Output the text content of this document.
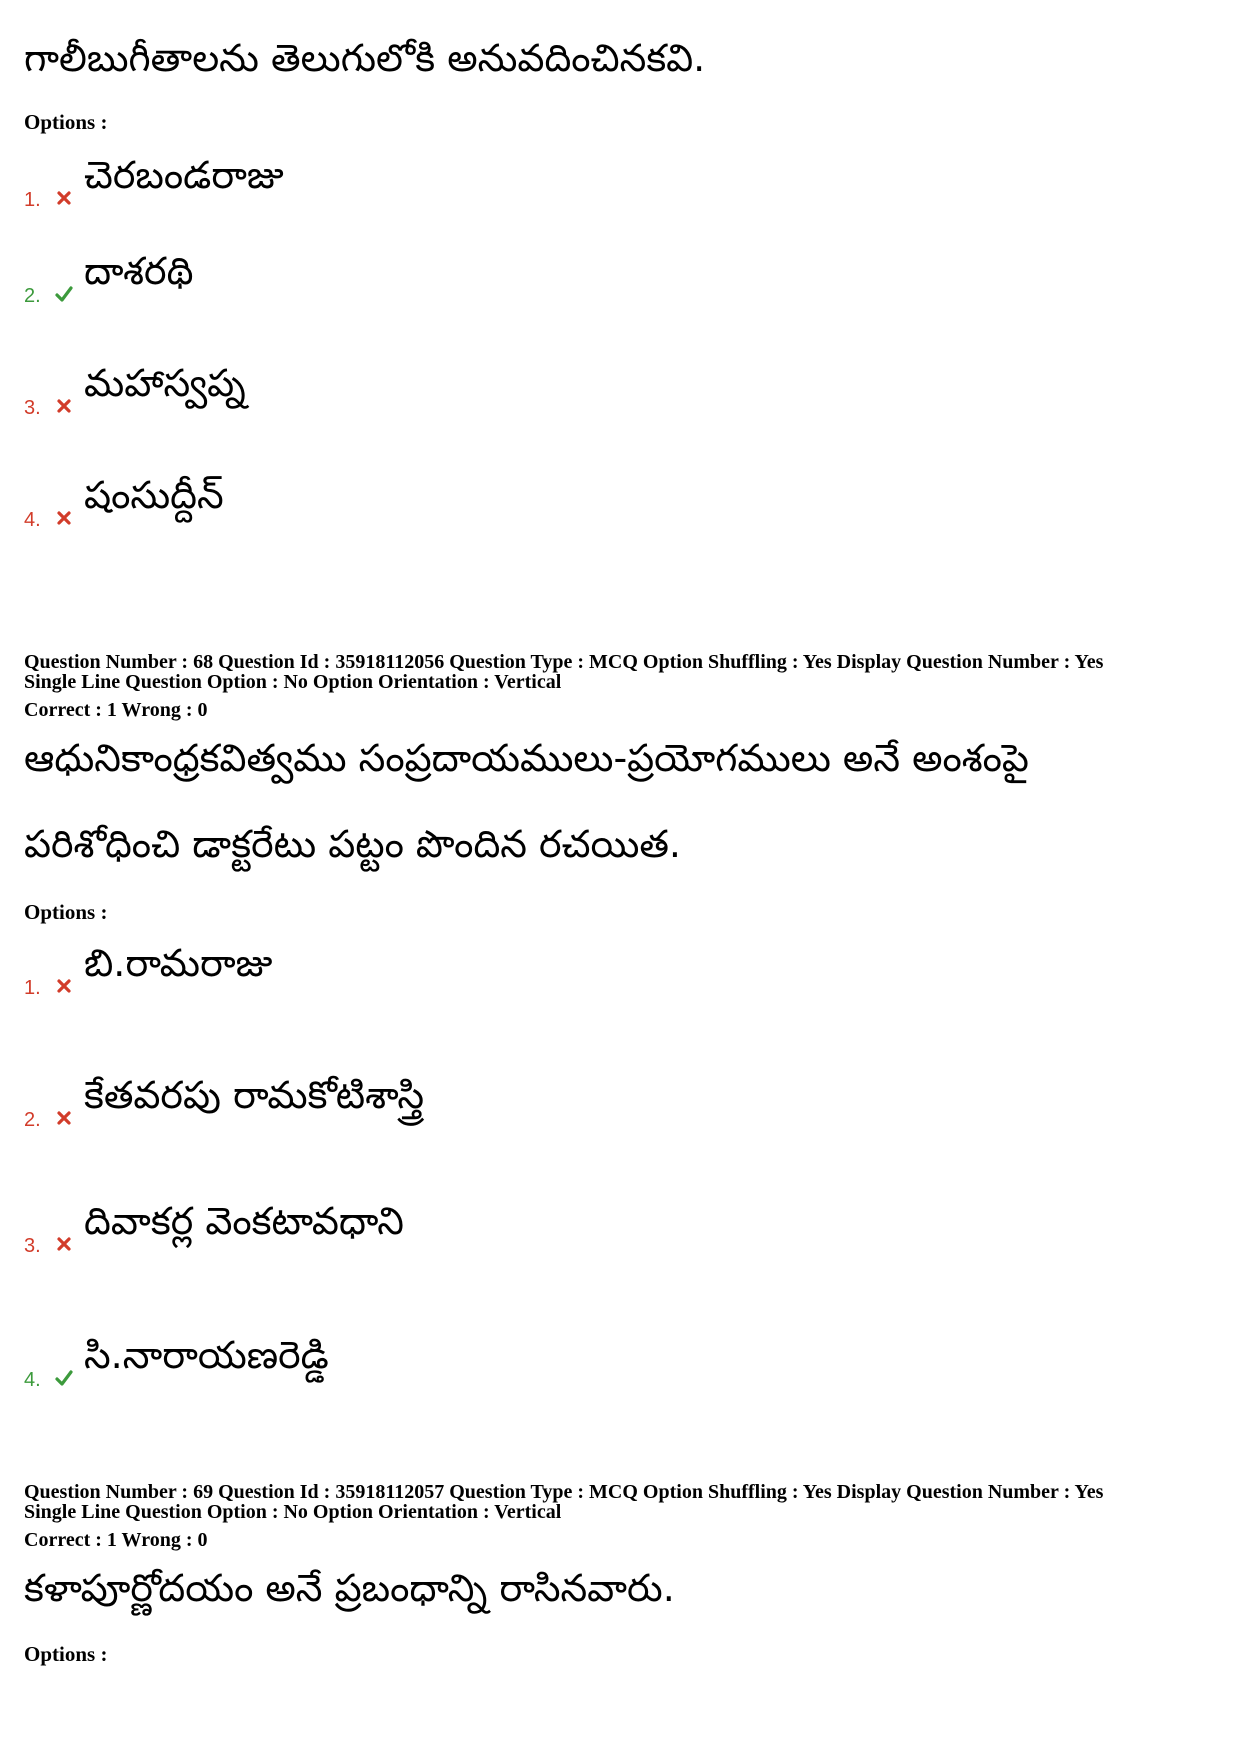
గాలీబుగీతాలను తెలుగులోకి అనువదించినకవి.
Options :
1.
చెరబండరాజు
2.
దాశరథి
3.
మహాస్వప్న
4.
షంసుద్దీన్
Question Number : 68 Question Id : 35918112056 Question Type : MCQ Option Shuffling : Yes Display Question Number : Yes
Single Line Question Option : No Option Orientation : Vertical
Correct : 1 Wrong : 0
ఆధునికాంధ్రకవిత్వము సంప్రదాయములు-ప్రయోగములు అనే అంశంపై
పరిశోధించి డాక్టరేటు పట్టం పొందిన రచయిత.
Options :
1.
బి.రామరాజు
2.
కేతవరపు రామకోటిశాస్త్రి
3.
దివాకర్ల వెంకటావధాని
4.
సి.నారాయణరెడ్డి
Question Number : 69 Question Id : 35918112057 Question Type : MCQ Option Shuffling : Yes Display Question Number : Yes
Single Line Question Option : No Option Orientation : Vertical
Correct : 1 Wrong : 0
కళాపూర్ణోదయం అనే ప్రబంధాన్ని రాసినవారు.
Options :
